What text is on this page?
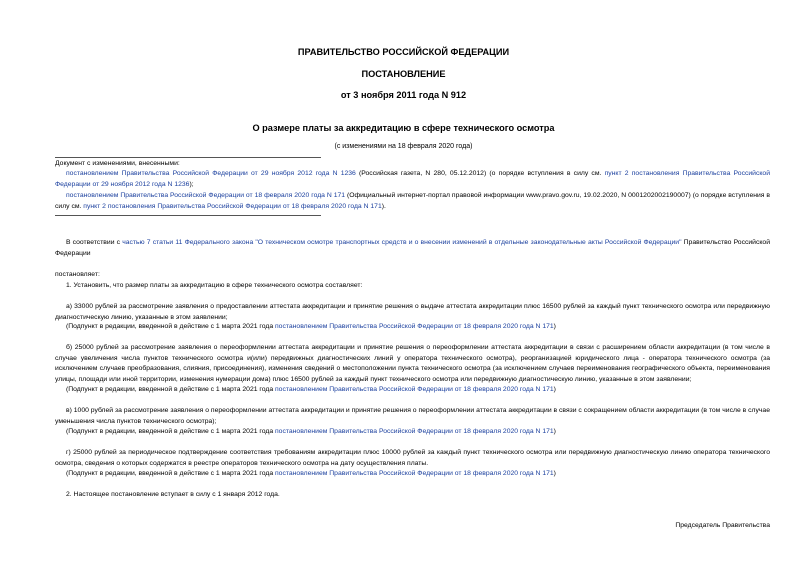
ПРАВИТЕЛЬСТВО РОССИЙСКОЙ ФЕДЕРАЦИИ
ПОСТАНОВЛЕНИЕ
от 3 ноября 2011 года N 912
О размере платы за аккредитацию в сфере технического осмотра
(с изменениями на 18 февраля 2020 года)
Документ с изменениями, внесенными:
постановлением Правительства Российской Федерации от 29 ноября 2012 года N 1236 (Российская газета, N 280, 05.12.2012) (о порядке вступления в силу см. пункт 2 постановления Правительства Российской Федерации от 29 ноября 2012 года N 1236);
постановлением Правительства Российской Федерации от 18 февраля 2020 года N 171 (Официальный интернет-портал правовой информации www.pravo.gov.ru, 19.02.2020, N 0001202002190007) (о порядке вступления в силу см. пункт 2 постановления Правительства Российской Федерации от 18 февраля 2020 года N 171).
В соответствии с частью 7 статьи 11 Федерального закона "О техническом осмотре транспортных средств и о внесении изменений в отдельные законодательные акты Российской Федерации" Правительство Российской Федерации
постановляет:
1. Установить, что размер платы за аккредитацию в сфере технического осмотра составляет:
а) 33000 рублей за рассмотрение заявления о предоставлении аттестата аккредитации и принятие решения о выдаче аттестата аккредитации плюс 16500 рублей за каждый пункт технического осмотра или передвижную диагностическую линию, указанные в этом заявлении;
(Подпункт в редакции, введенной в действие с 1 марта 2021 года постановлением Правительства Российской Федерации от 18 февраля 2020 года N 171)
б) 25000 рублей за рассмотрение заявления о переоформлении аттестата аккредитации и принятие решения о переоформлении аттестата аккредитации в связи с расширением области аккредитации (в том числе в случае увеличения числа пунктов технического осмотра и(или) передвижных диагностических линий у оператора технического осмотра), реорганизацией юридического лица - оператора технического осмотра (за исключением случаев преобразования, слияния, присоединения), изменения сведений о местоположении пункта технического осмотра (за исключением случаев переименования географического объекта, переименования улицы, площади или иной территории, изменения нумерации дома) плюс 16500 рублей за каждый пункт технического осмотра или передвижную диагностическую линию, указанные в этом заявлении;
(Подпункт в редакции, введенной в действие с 1 марта 2021 года постановлением Правительства Российской Федерации от 18 февраля 2020 года N 171)
в) 1000 рублей за рассмотрение заявления о переоформлении аттестата аккредитации и принятие решения о переоформлении аттестата аккредитации в связи с сокращением области аккредитации (в том числе в случае уменьшения числа пунктов технического осмотра);
(Подпункт в редакции, введенной в действие с 1 марта 2021 года постановлением Правительства Российской Федерации от 18 февраля 2020 года N 171)
г) 25000 рублей за периодическое подтверждение соответствия требованиям аккредитации плюс 10000 рублей за каждый пункт технического осмотра или передвижную диагностическую линию оператора технического осмотра, сведения о которых содержатся в реестре операторов технического осмотра на дату осуществления платы.
(Подпункт в редакции, введенной в действие с 1 марта 2021 года постановлением Правительства Российской Федерации от 18 февраля 2020 года N 171)
2. Настоящее постановление вступает в силу с 1 января 2012 года.
Председатель Правительства
